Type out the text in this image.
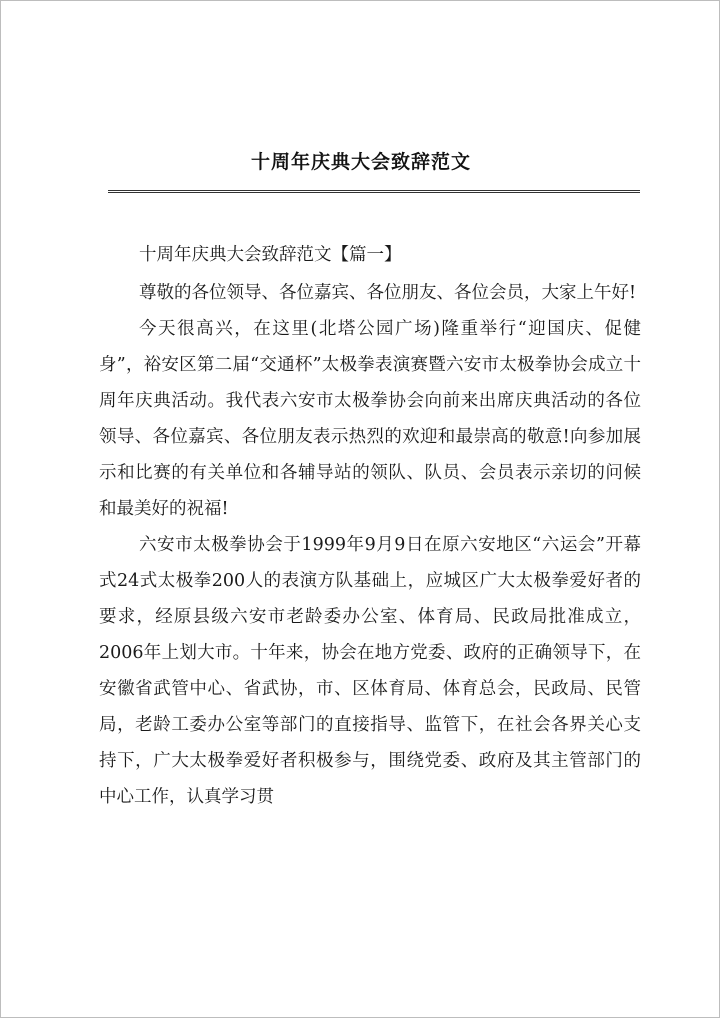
十周年庆典大会致辞范文

十周年庆典大会致辞范文【篇一】

尊敬的各位领导、各位嘉宾、各位朋友、各位会员，大家上午好!

今天很高兴，在这里(北塔公园广场)隆重举行“迎国庆、促健身”，裕安区第二届“交通杯”太极拳表演赛暨六安市太极拳协会成立十周年庆典活动。我代表六安市太极拳协会向前来出席庆典活动的各位领导、各位嘉宾、各位朋友表示热烈的欢迎和最崇高的敬意!向参加展示和比赛的有关单位和各辅导站的领队、队员、会员表示亲切的问候和最美好的祝福!

六安市太极拳协会于1999年9月9日在原六安地区“六运会”开幕式24式太极拳200人的表演方队基础上，应城区广大太极拳爱好者的要求，经原县级六安市老龄委办公室、体育局、民政局批准成立，2006年上划大市。十年来，协会在地方党委、政府的正确领导下，在安徽省武管中心、省武协，市、区体育局、体育总会，民政局、民管局，老龄工委办公室等部门的直接指导、监管下，在社会各界关心支持下，广大太极拳爱好者积极参与，围绕党委、政府及其主管部门的中心工作，认真学习贯
